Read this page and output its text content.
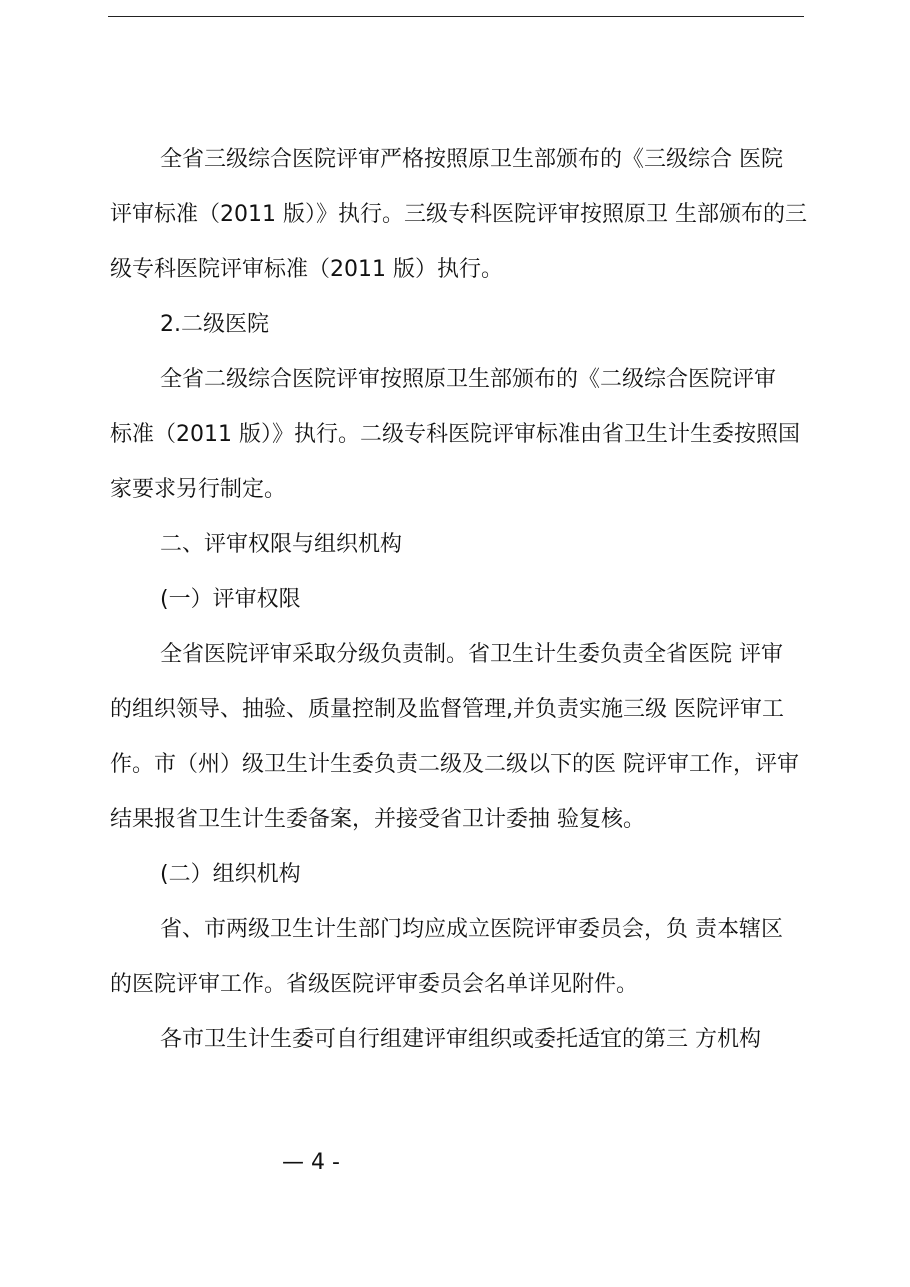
全省三级综合医院评审严格按照原卫生部颁布的《三级综合 医院
评审标准（2011 版）》执行。三级专科医院评审按照原卫 生部颁布的三
级专科医院评审标准（2011 版）执行。
2.二级医院
全省二级综合医院评审按照原卫生部颁布的《二级综合医院评审
标准（2011 版）》执行。二级专科医院评审标准由省卫生计生委按照国
家要求另行制定。
二、评审权限与组织机构
(一）评审权限
全省医院评审采取分级负责制。省卫生计生委负责全省医院 评审
的组织领导、抽验、质量控制及监督管理,并负责实施三级 医院评审工
作。市（州）级卫生计生委负责二级及二级以下的医 院评审工作，评审
结果报省卫生计生委备案，并接受省卫计委抽 验复核。
(二）组织机构
省、市两级卫生计生部门均应成立医院评审委员会，负 责本辖区
的医院评审工作。省级医院评审委员会名单详见附件。
各市卫生计生委可自行组建评审组织或委托适宜的第三 方机构
— 4 -
